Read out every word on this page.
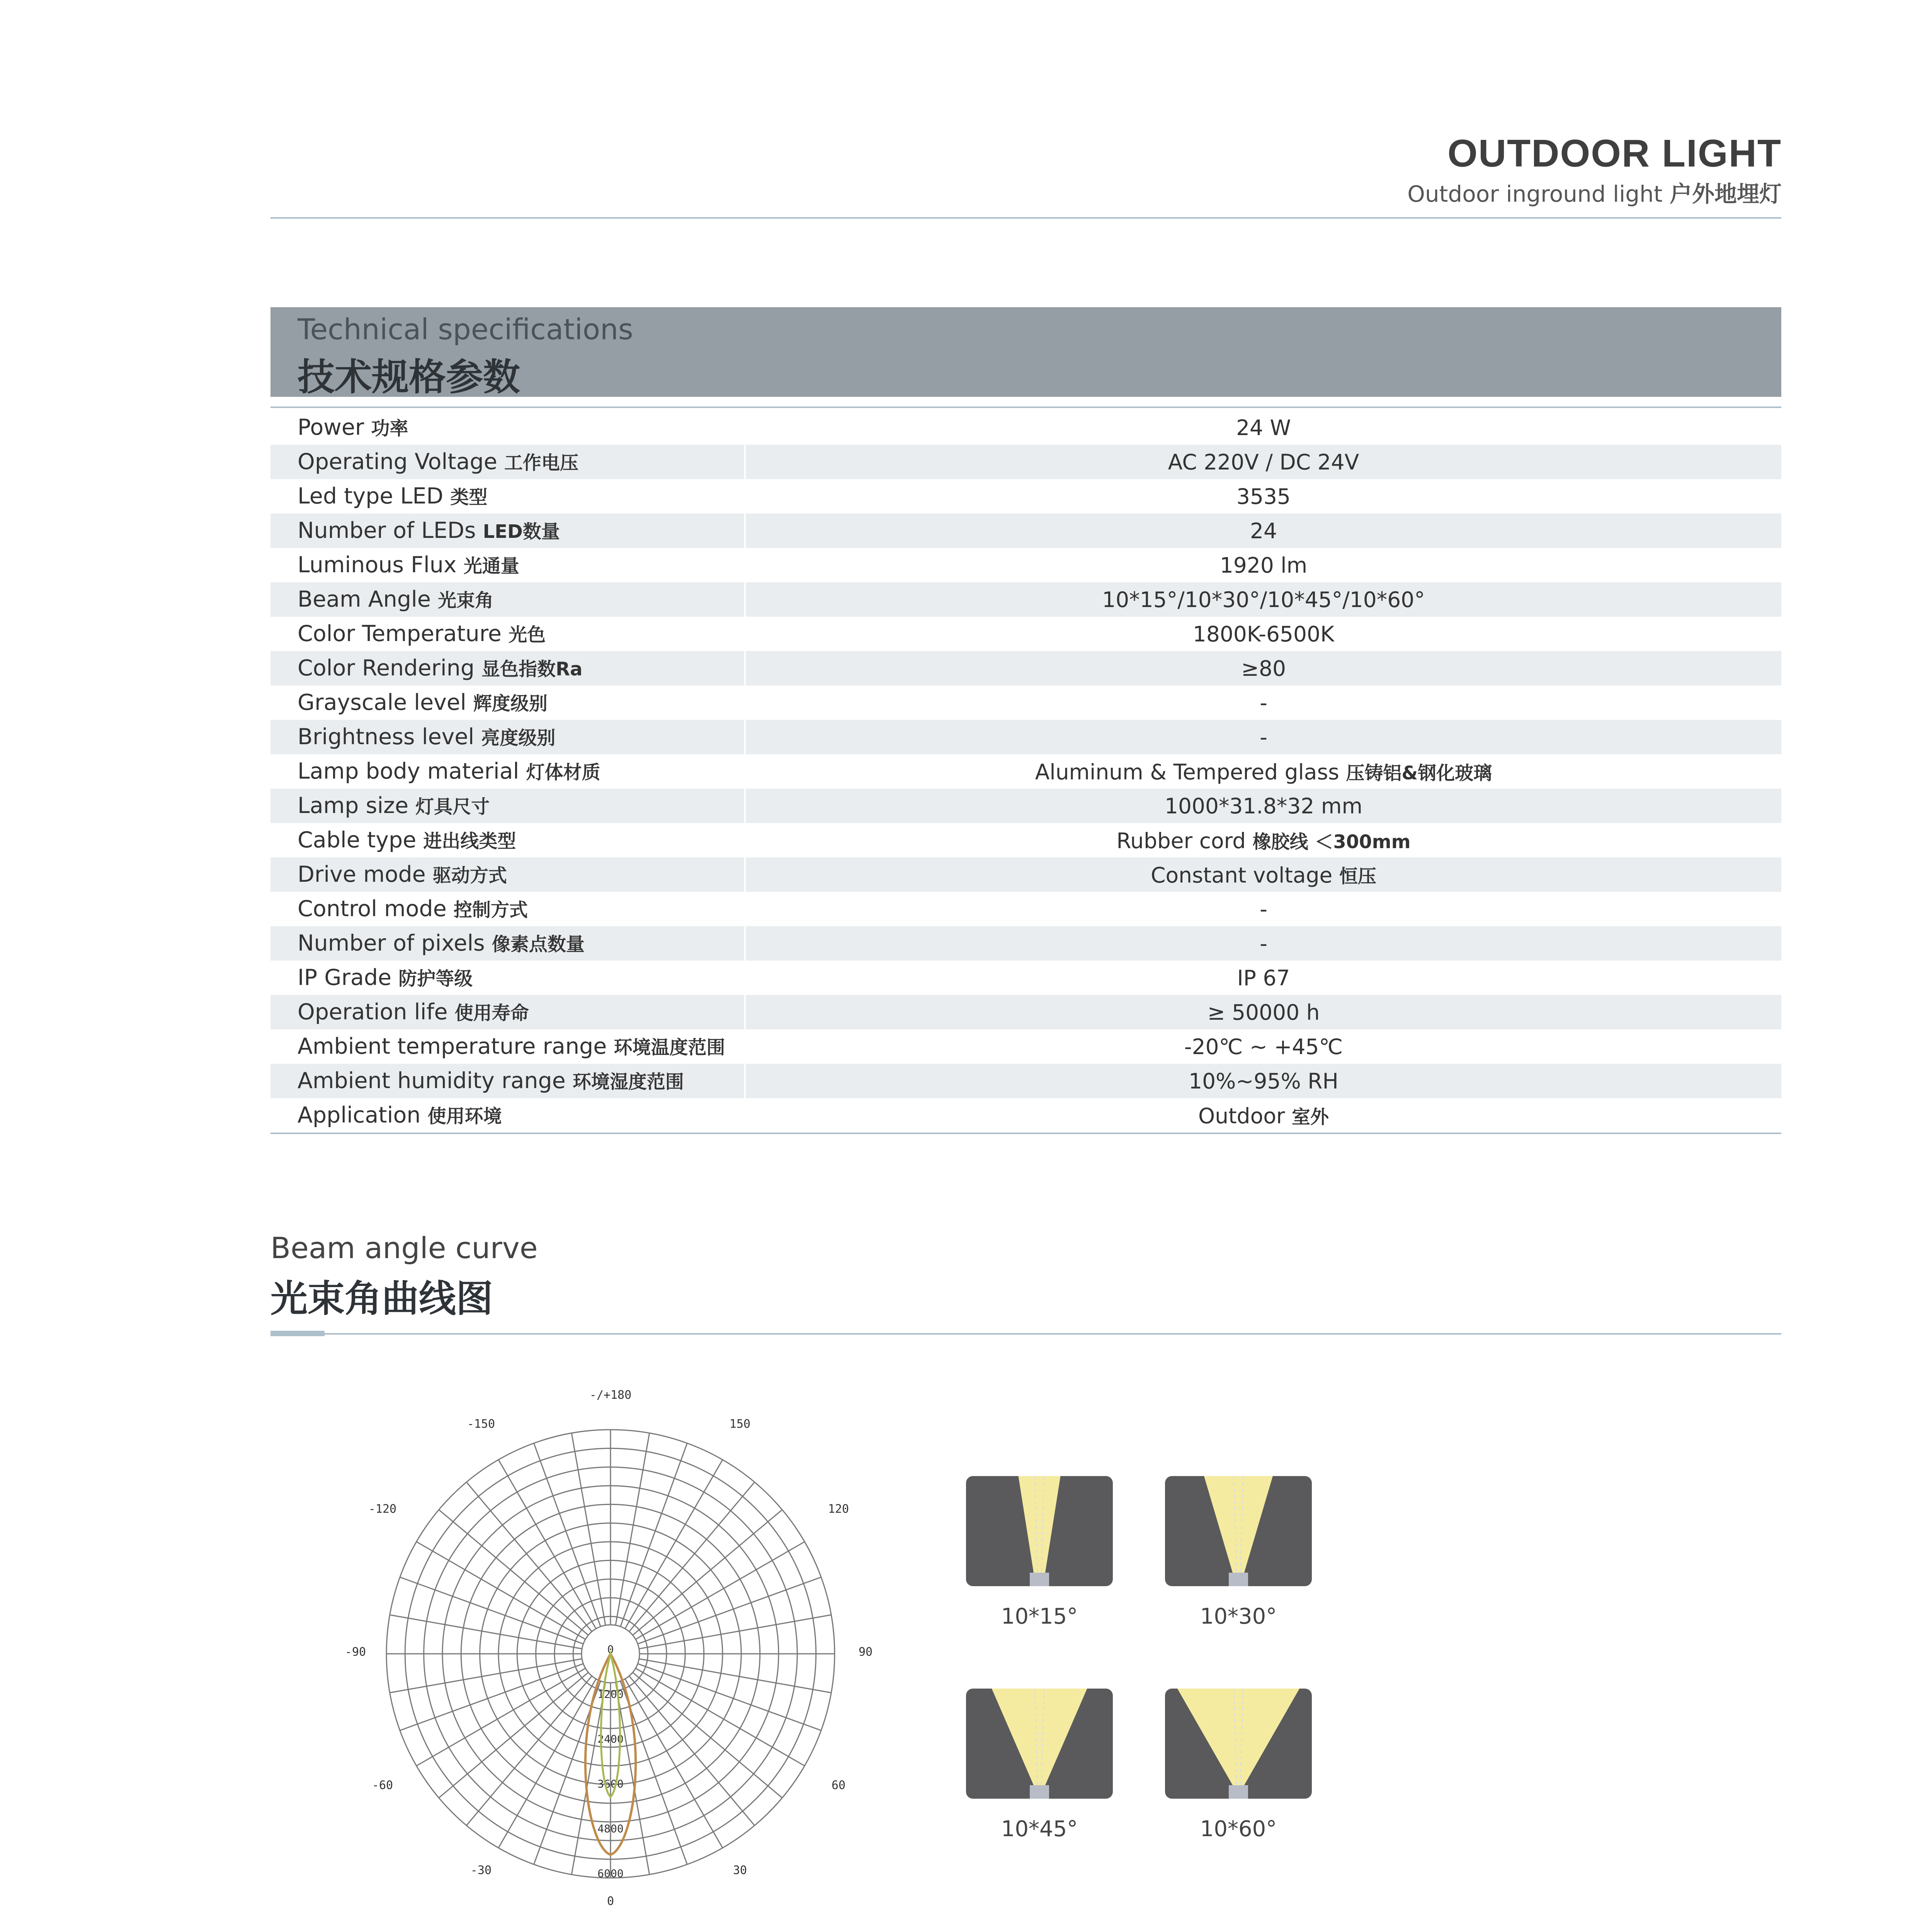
OUTDOOR LIGHT
Outdoor inground light 户外地埋灯
Technical specifications
技术规格参数
Power 功率	24 W
Operating Voltage 工作电压	AC 220V / DC 24V
Led type LED 类型	3535
Number of LEDs LED数量	24
Luminous Flux 光通量	1920 lm
Beam Angle 光束角	10*15°/10*30°/10*45°/10*60°
Color Temperature 光色	1800K-6500K
Color Rendering 显色指数Ra	≥80
Grayscale level 辉度级别	-
Brightness level 亮度级别	-
Lamp body material 灯体材质	Aluminum & Tempered glass 压铸铝&钢化玻璃
Lamp size 灯具尺寸	1000*31.8*32 mm
Cable type 进出线类型	Rubber cord 橡胶线 ＜300mm
Drive mode 驱动方式	Constant voltage 恒压
Control mode 控制方式	-
Number of pixels 像素点数量	-
IP Grade 防护等级	IP 67
Operation life 使用寿命	≥ 50000 h
Ambient temperature range 环境温度范围	-20℃ ~ +45℃
Ambient humidity range 环境湿度范围	10%~95% RH
Application 使用环境	Outdoor 室外
Beam angle curve
光束角曲线图
-/+180
-150	150
-120	120
-90	90
-60	60
-30	30
0
0
1200
2400
3600
4800
6000
10*15°	10*30°
10*45°	10*60°
